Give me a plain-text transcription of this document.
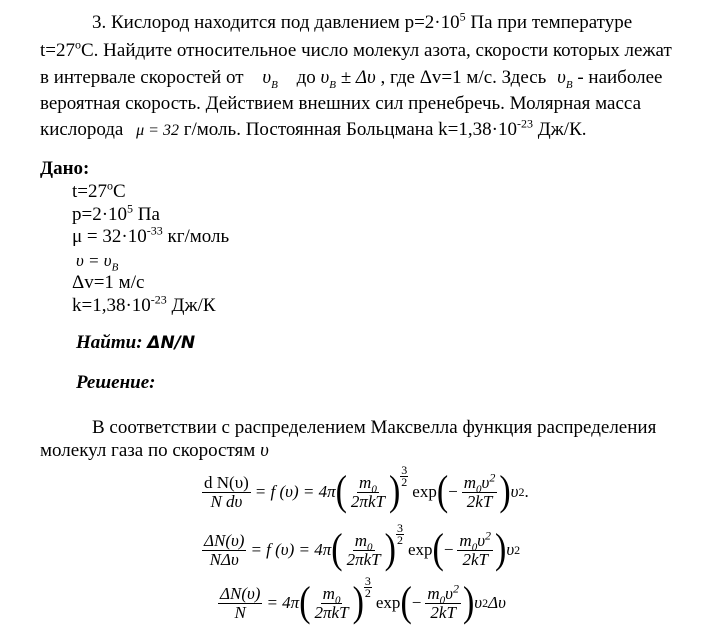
3. Кислород находится под давлением $p=2\cdot 10^5$ Па при температуре
$t=27^oC$. Найдите относительное число молекул азота, скорости которых лежат
в интервале скоростей от $\upsilon_B$ до $\upsilon_B \pm \Delta\upsilon$ , где Δv=1 м/с. Здесь $\upsilon_B$ - наиболее
вероятная скорость. Действием внешних сил пренебречь. Молярная масса
кислорода μ = 32 г/моль. Постоянная Больцмана $k=1,38\cdot 10^{-23}$ Дж/К.
Дано:
$t=27^oC$
$p=2\cdot 10^5$ Па
$\mu = 32\cdot 10^{-33}$ кг/моль
$\upsilon = \upsilon_B$
Δv=1 м/с
$k=1,38\cdot 10^{-23}$ Дж/К
Найти: ΔN/N
Решение:
В соответствии с распределением Максвелла функция распределения
молекул газа по скоростям υ
$\frac{\text{d N(υ)}}{\text{N dυ}} = f$ (υ) = 4π ( $\frac{m_0}{\text{2πkT}}$ ) 3
2
exp ( − $\frac{m_0\upsilon^2}{2kT}$ ) υ 2 .
$\frac{\Delta N(\upsilon)}{\text{NΔυ}} = f$ (υ) = 4π ( $\frac{m_0}{\text{2πkT}}$ ) 3
2
exp ( − $\frac{m_0\upsilon^2}{2kT}$ ) υ 2
$\frac{\Delta N(\upsilon)}{N} = 4\pi$ ( $\frac{m_0}{\text{2πkT}}$ ) 3
2
exp ( − $\frac{m_0\upsilon^2}{2kT}$ ) υ 2 Δυ
